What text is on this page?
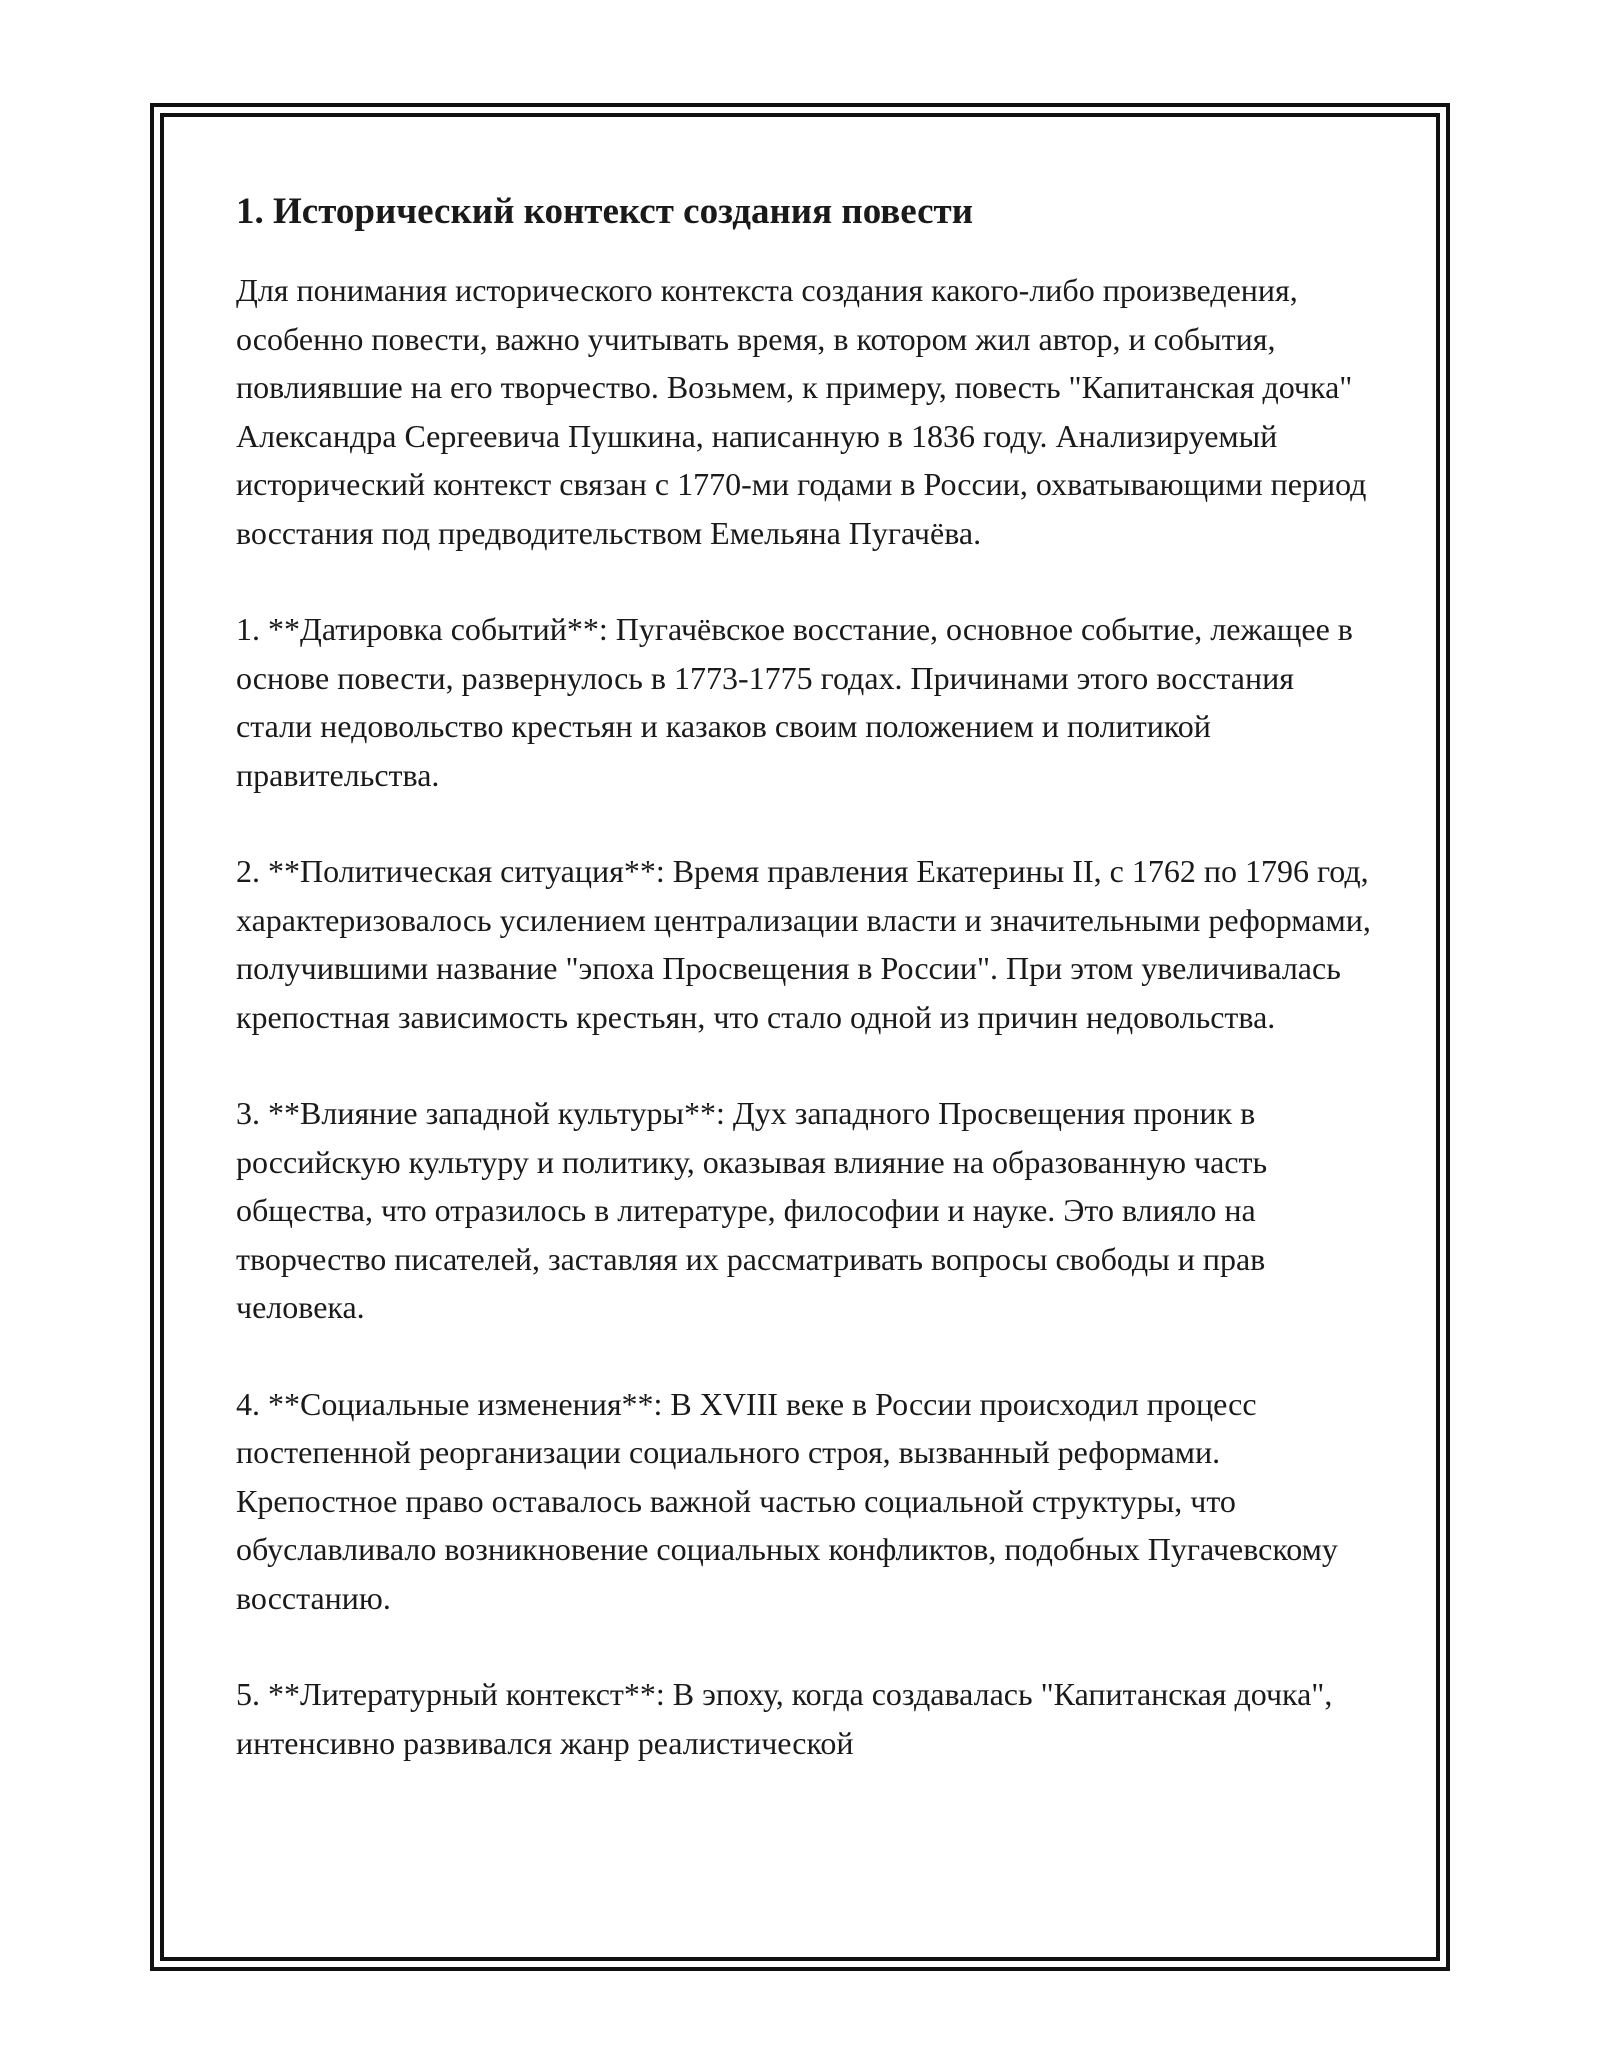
1. Исторический контекст создания повести

Для понимания исторического контекста создания какого-либо произведения, особенно повести, важно учитывать время, в котором жил автор, и события, повлиявшие на его творчество. Возьмем, к примеру, повесть "Капитанская дочка" Александра Сергеевича Пушкина, написанную в 1836 году. Анализируемый исторический контекст связан с 1770-ми годами в России, охватывающими период восстания под предводительством Емельяна Пугачёва.

1. **Датировка событий**: Пугачёвское восстание, основное событие, лежащее в основе повести, развернулось в 1773-1775 годах. Причинами этого восстания стали недовольство крестьян и казаков своим положением и политикой правительства.

2. **Политическая ситуация**: Время правления Екатерины II, с 1762 по 1796 год, характеризовалось усилением централизации власти и значительными реформами, получившими название "эпоха Просвещения в России". При этом увеличивалась крепостная зависимость крестьян, что стало одной из причин недовольства.

3. **Влияние западной культуры**: Дух западного Просвещения проник в российскую культуру и политику, оказывая влияние на образованную часть общества, что отразилось в литературе, философии и науке. Это влияло на творчество писателей, заставляя их рассматривать вопросы свободы и прав человека.

4. **Социальные изменения**: В XVIII веке в России происходил процесс постепенной реорганизации социального строя, вызванный реформами. Крепостное право оставалось важной частью социальной структуры, что обуславливало возникновение социальных конфликтов, подобных Пугачевскому восстанию.

5. **Литературный контекст**: В эпоху, когда создавалась "Капитанская дочка", интенсивно развивался жанр реалистической
